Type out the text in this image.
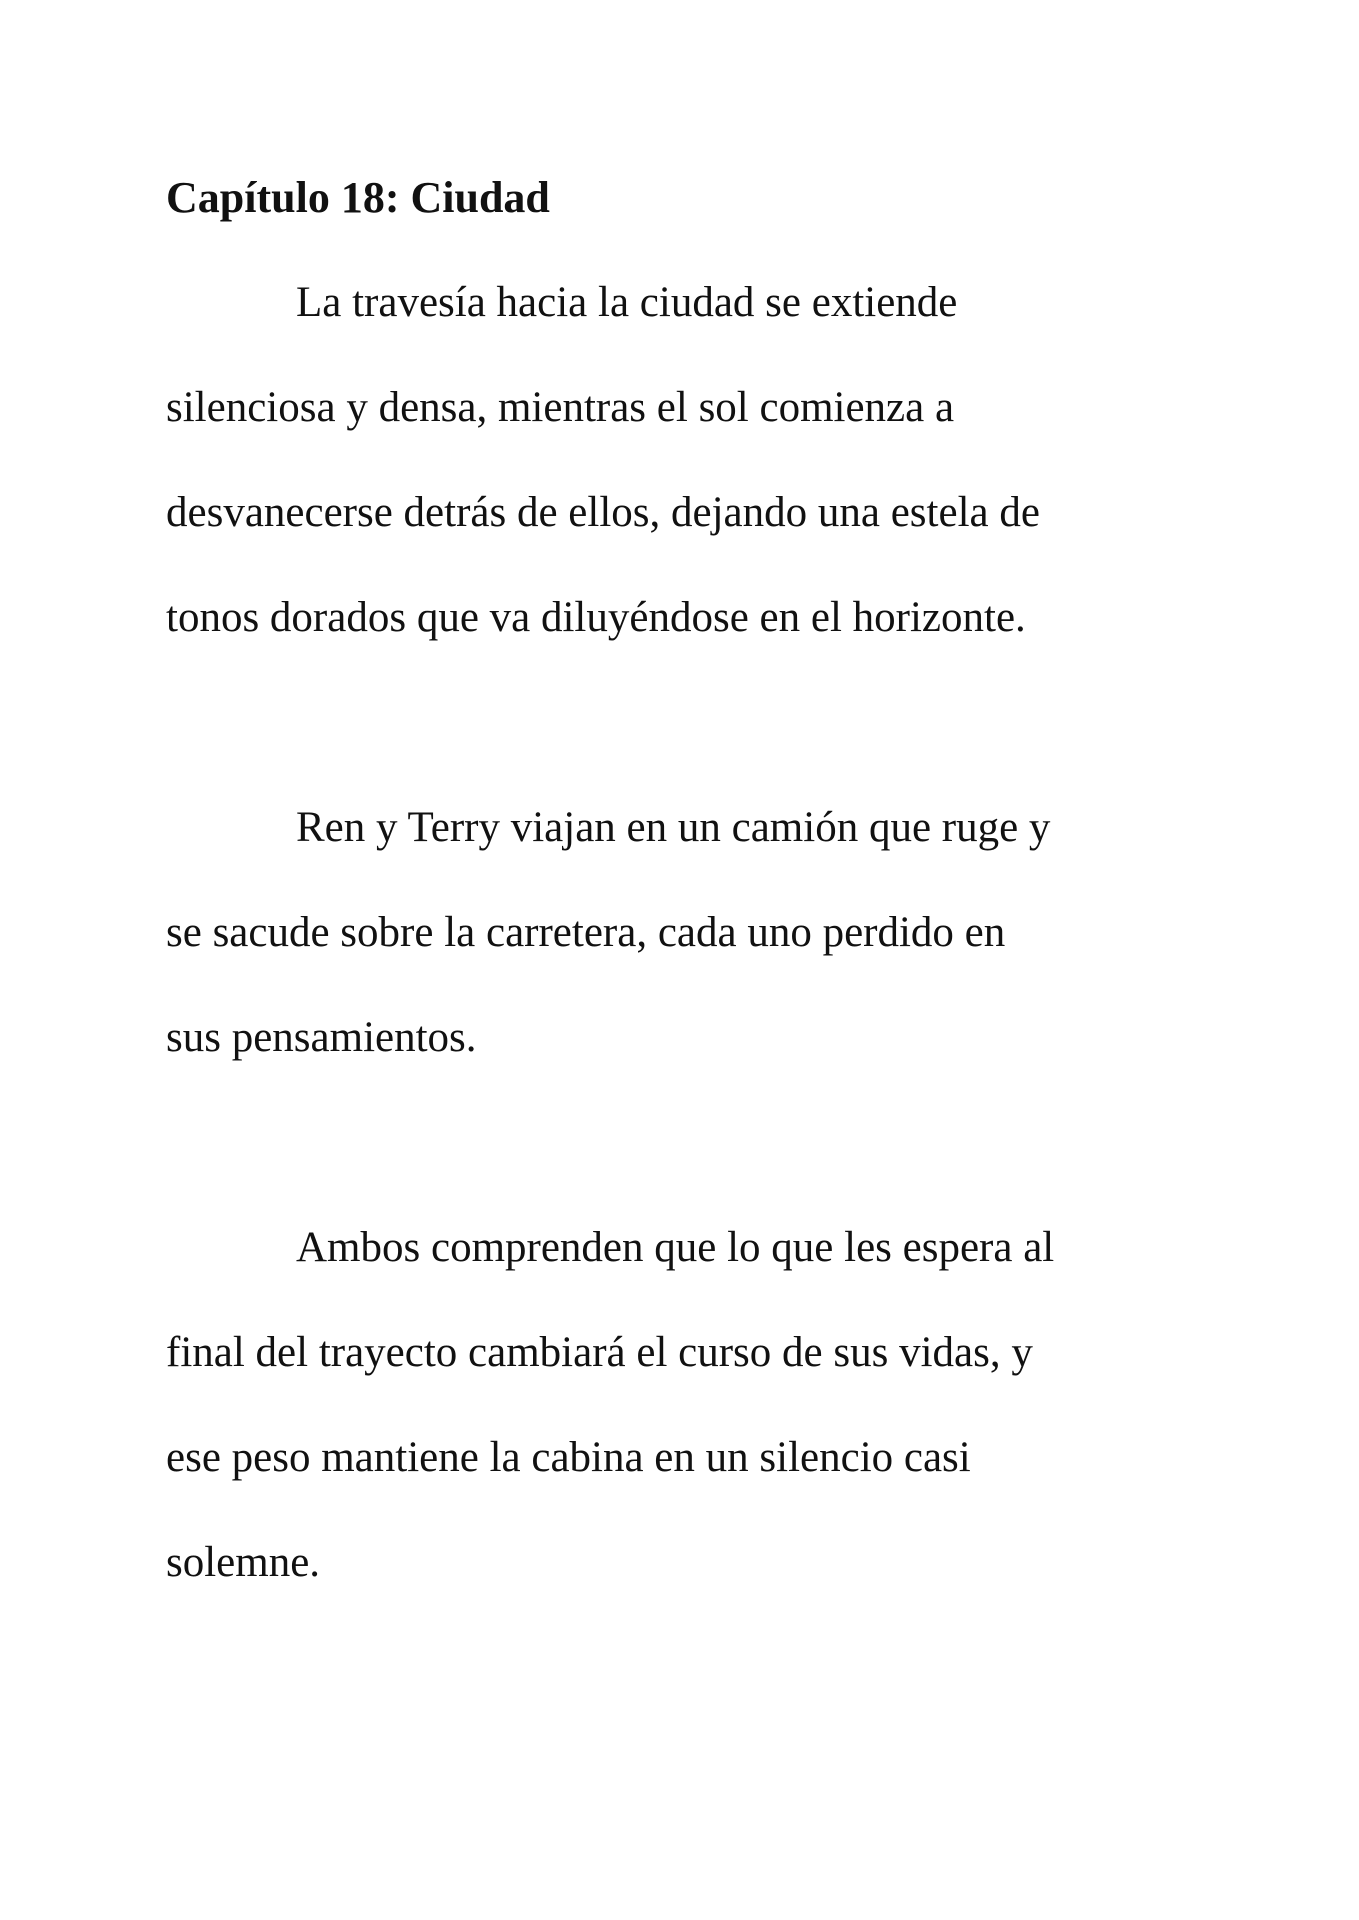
Capítulo 18: Ciudad

La travesía hacia la ciudad se extiende

silenciosa y densa, mientras el sol comienza a

desvanecerse detrás de ellos, dejando una estela de

tonos dorados que va diluyéndose en el horizonte.

Ren y Terry viajan en un camión que ruge y

se sacude sobre la carretera, cada uno perdido en

sus pensamientos.

Ambos comprenden que lo que les espera al

final del trayecto cambiará el curso de sus vidas, y

ese peso mantiene la cabina en un silencio casi

solemne.
